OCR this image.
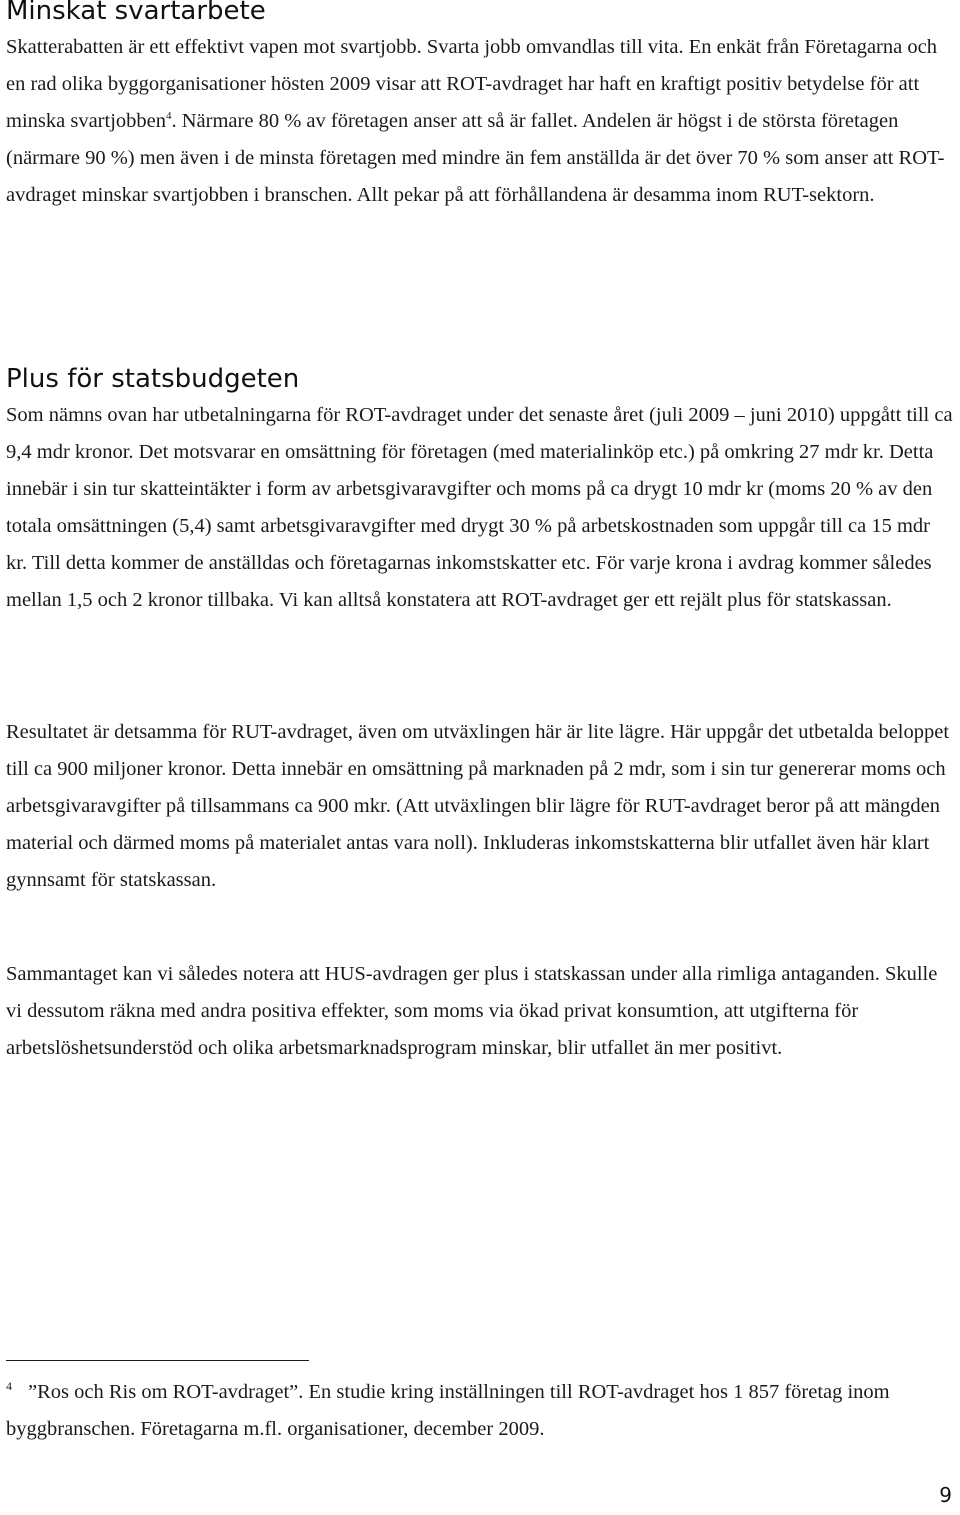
Minskat svartarbete

Skatterabatten är ett effektivt vapen mot svartjobb. Svarta jobb omvandlas till vita. En enkät från Företagarna och en rad olika byggorganisationer hösten 2009 visar att ROT-avdraget har haft en kraftigt positiv betydelse för att minska svartjobben$^4$. Närmare 80 % av företagen anser att så är fallet. Andelen är högst i de största företagen (närmare 90 %) men även i de minsta företagen med mindre än fem anställda är det över 70 % som anser att ROT-avdraget minskar svartjobben i branschen. Allt pekar på att förhållandena är desamma inom RUT-sektorn.

Plus för statsbudgeten

Som nämns ovan har utbetalningarna för ROT-avdraget under det senaste året (juli 2009 – juni 2010) uppgått till ca 9,4 mdr kronor. Det motsvarar en omsättning för företagen (med materialinköp etc.) på omkring 27 mdr kr. Detta innebär i sin tur skatteintäkter i form av arbetsgivaravgifter och moms på ca drygt 10 mdr kr (moms 20 % av den totala omsättningen (5,4) samt arbetsgivaravgifter med drygt 30 % på arbetskostnaden som uppgår till ca 15 mdr kr. Till detta kommer de anställdas och företagarnas inkomstskatter etc. För varje krona i avdrag kommer således mellan 1,5 och 2 kronor tillbaka. Vi kan alltså konstatera att ROT-avdraget ger ett rejält plus för statskassan.

Resultatet är detsamma för RUT-avdraget, även om utväxlingen här är lite lägre. Här uppgår det utbetalda beloppet till ca 900 miljoner kronor. Detta innebär en omsättning på marknaden på 2 mdr, som i sin tur genererar moms och arbetsgivaravgifter på tillsammans ca 900 mkr. (Att utväxlingen blir lägre för RUT-avdraget beror på att mängden material och därmed moms på materialet antas vara noll). Inkluderas inkomstskatterna blir utfallet även här klart gynnsamt för statskassan.

Sammantaget kan vi således notera att HUS-avdragen ger plus i statskassan under alla rimliga antaganden. Skulle vi dessutom räkna med andra positiva effekter, som moms via ökad privat konsumtion, att utgifterna för arbetslöshetsunderstöd och olika arbetsmarknadsprogram minskar, blir utfallet än mer positivt.

$^4$ ”Ros och Ris om ROT-avdraget”. En studie kring inställningen till ROT-avdraget hos 1 857 företag inom byggbranschen. Företagarna m.fl. organisationer, december 2009.

9
